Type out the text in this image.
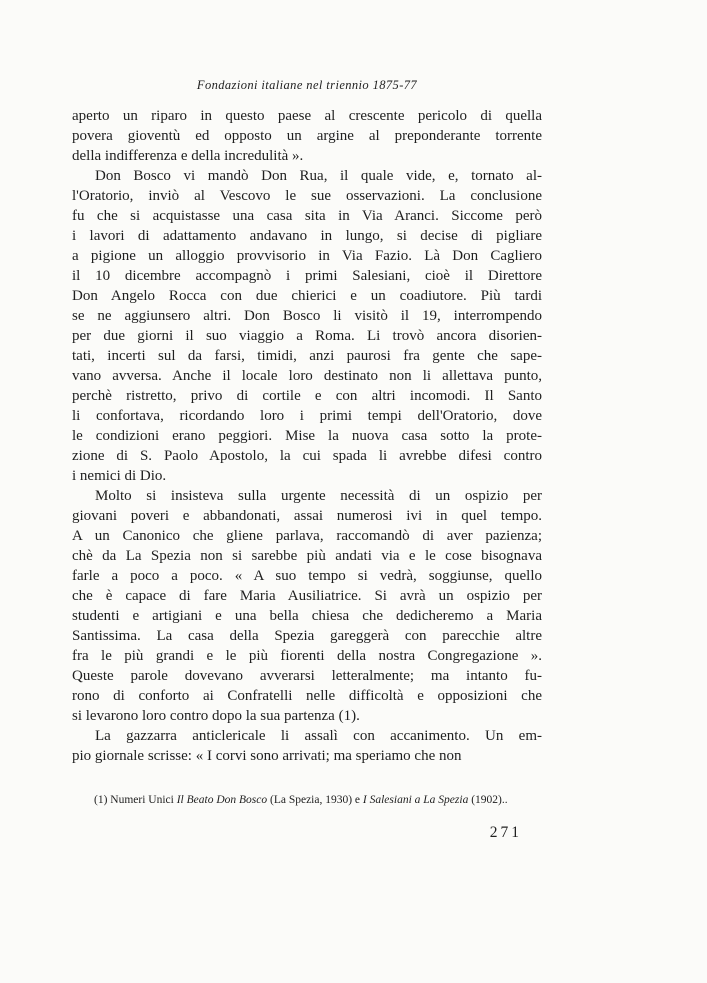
Fondazioni italiane nel triennio 1875-77
aperto un riparo in questo paese al crescente pericolo di quella
povera gioventù ed opposto un argine al preponderante torrente
della indifferenza e della incredulità ».
Don Bosco vi mandò Don Rua, il quale vide, e, tornato al-
l'Oratorio, inviò al Vescovo le sue osservazioni. La conclusione
fu che si acquistasse una casa sita in Via Aranci. Siccome però
i lavori di adattamento andavano in lungo, si decise di pigliare
a pigione un alloggio provvisorio in Via Fazio. Là Don Cagliero
il 10 dicembre accompagnò i primi Salesiani, cioè il Direttore
Don Angelo Rocca con due chierici e un coadiutore. Più tardi
se ne aggiunsero altri. Don Bosco li visitò il 19, interrompendo
per due giorni il suo viaggio a Roma. Li trovò ancora disorien-
tati, incerti sul da farsi, timidi, anzi paurosi fra gente che sape-
vano avversa. Anche il locale loro destinato non li allettava punto,
perchè ristretto, privo di cortile e con altri incomodi. Il Santo
li confortava, ricordando loro i primi tempi dell'Oratorio, dove
le condizioni erano peggiori. Mise la nuova casa sotto la prote-
zione di S. Paolo Apostolo, la cui spada li avrebbe difesi contro
i nemici di Dio.
Molto si insisteva sulla urgente necessità di un ospizio per
giovani poveri e abbandonati, assai numerosi ivi in quel tempo.
A un Canonico che gliene parlava, raccomandò di aver pazienza;
chè da La Spezia non si sarebbe più andati via e le cose bisognava
farle a poco a poco. « A suo tempo si vedrà, soggiunse, quello
che è capace di fare Maria Ausiliatrice. Si avrà un ospizio per
studenti e artigiani e una bella chiesa che dedicheremo a Maria
Santissima. La casa della Spezia gareggerà con parecchie altre
fra le più grandi e le più fiorenti della nostra Congregazione ».
Queste parole dovevano avverarsi letteralmente; ma intanto fu-
rono di conforto ai Confratelli nelle difficoltà e opposizioni che
si levarono loro contro dopo la sua partenza (1).
La gazzarra anticlericale li assalì con accanimento. Un em-
pio giornale scrisse: « I corvi sono arrivati; ma speriamo che non
(1) Numeri Unici Il Beato Don Bosco (La Spezia, 1930) e I Salesiani a La Spezia (1902)..
271
